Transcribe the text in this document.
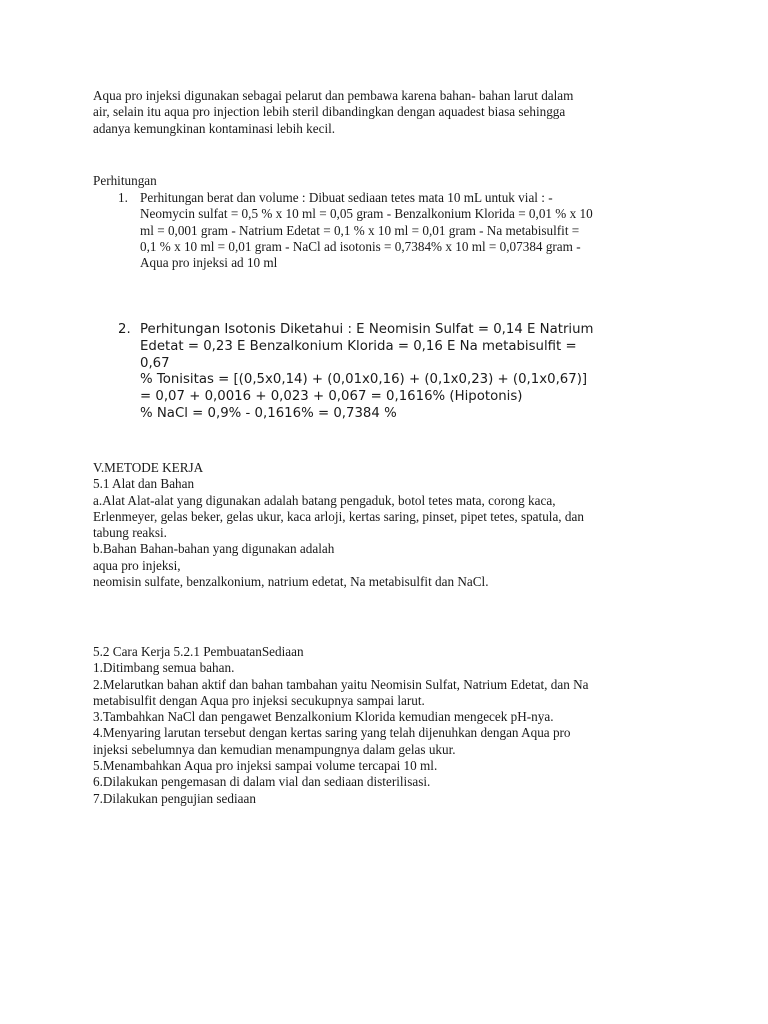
Aqua pro injeksi digunakan sebagai pelarut dan pembawa karena bahan- bahan larut dalam
air, selain itu aqua pro injection lebih steril dibandingkan dengan aquadest biasa sehingga
adanya kemungkinan kontaminasi lebih kecil.
Perhitungan
1. Perhitungan berat dan volume : Dibuat sediaan tetes mata 10 mL untuk vial : -
Neomycin sulfat = 0,5 % x 10 ml = 0,05 gram - Benzalkonium Klorida = 0,01 % x 10
ml = 0,001 gram - Natrium Edetat = 0,1 % x 10 ml = 0,01 gram - Na metabisulfit =
0,1 % x 10 ml = 0,01 gram - NaCl ad isotonis = 0,7384% x 10 ml = 0,07384 gram -
Aqua pro injeksi ad 10 ml
2. Perhitungan Isotonis Diketahui : E Neomisin Sulfat = 0,14 E Natrium
Edetat = 0,23 E Benzalkonium Klorida = 0,16 E Na metabisulfit =
0,67
% Tonisitas = [(0,5x0,14) + (0,01x0,16) + (0,1x0,23) + (0,1x0,67)]
= 0,07 + 0,0016 + 0,023 + 0,067 = 0,1616% (Hipotonis)
% NaCl = 0,9% - 0,1616% = 0,7384 %
V.METODE KERJA
5.1 Alat dan Bahan
a.Alat Alat-alat yang digunakan adalah batang pengaduk, botol tetes mata, corong kaca,
Erlenmeyer, gelas beker, gelas ukur, kaca arloji, kertas saring, pinset, pipet tetes, spatula, dan
tabung reaksi.
b.Bahan Bahan-bahan yang digunakan adalah
aqua pro injeksi,
neomisin sulfate, benzalkonium, natrium edetat, Na metabisulfit dan NaCl.
5.2 Cara Kerja 5.2.1 PembuatanSediaan
1.Ditimbang semua bahan.
2.Melarutkan bahan aktif dan bahan tambahan yaitu Neomisin Sulfat, Natrium Edetat, dan Na
metabisulfit dengan Aqua pro injeksi secukupnya sampai larut.
3.Tambahkan NaCl dan pengawet Benzalkonium Klorida kemudian mengecek pH-nya.
4.Menyaring larutan tersebut dengan kertas saring yang telah dijenuhkan dengan Aqua pro
injeksi sebelumnya dan kemudian menampungnya dalam gelas ukur.
5.Menambahkan Aqua pro injeksi sampai volume tercapai 10 ml.
6.Dilakukan pengemasan di dalam vial dan sediaan disterilisasi.
7.Dilakukan pengujian sediaan
